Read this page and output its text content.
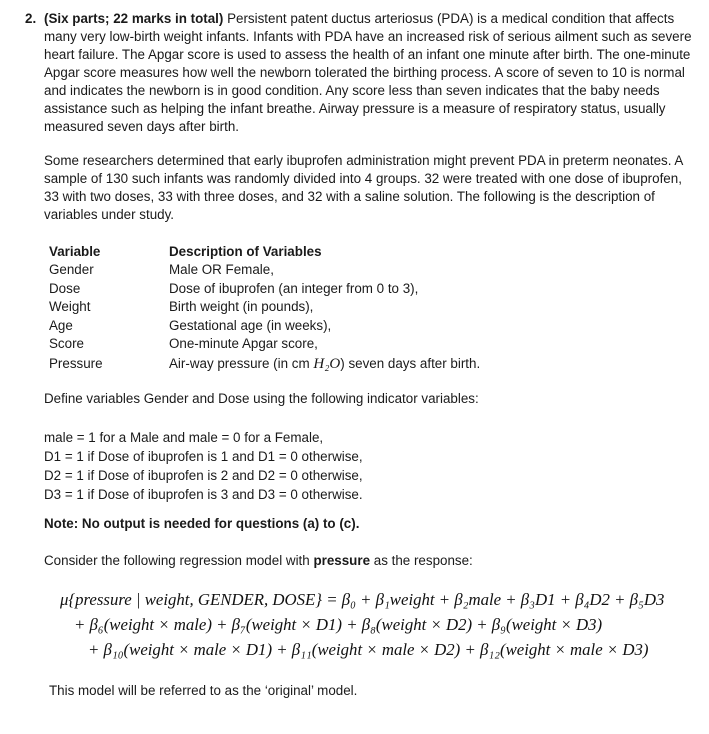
2. (Six parts; 22 marks in total) Persistent patent ductus arteriosus (PDA) is a medical condition that affects many very low-birth weight infants. Infants with PDA have an increased risk of serious ailment such as severe heart failure. The Apgar score is used to assess the health of an infant one minute after birth. The one-minute Apgar score measures how well the newborn tolerated the birthing process. A score of seven to 10 is normal and indicates the newborn is in good condition. Any score less than seven indicates that the baby needs assistance such as helping the infant breathe. Airway pressure is a measure of respiratory status, usually measured seven days after birth.
Some researchers determined that early ibuprofen administration might prevent PDA in preterm neonates. A sample of 130 such infants was randomly divided into 4 groups. 32 were treated with one dose of ibuprofen, 33 with two doses, 33 with three doses, and 32 with a saline solution. The following is the description of variables under study.
Variable	Description of Variables
Gender	Male OR Female,
Dose	Dose of ibuprofen (an integer from 0 to 3),
Weight	Birth weight (in pounds),
Age	Gestational age (in weeks),
Score	One-minute Apgar score,
Pressure	Air-way pressure (in cm H₂O) seven days after birth.
Define variables Gender and Dose using the following indicator variables:
male = 1 for a Male and male = 0 for a Female,
D1 = 1 if Dose of ibuprofen is 1 and D1 = 0 otherwise,
D2 = 1 if Dose of ibuprofen is 2 and D2 = 0 otherwise,
D3 = 1 if Dose of ibuprofen is 3 and D3 = 0 otherwise.
Note: No output is needed for questions (a) to (c).
Consider the following regression model with pressure as the response:
μ{pressure | weight, GENDER, DOSE} = β₀ + β₁weight + β₂male + β₃D1 + β₄D2 + β₅D3
+ β₆(weight × male) + β₇(weight × D1) + β₈(weight × D2) + β₉(weight × D3)
+ β₁₀(weight × male × D1) + β₁₁(weight × male × D2) + β₁₂(weight × male × D3)
This model will be referred to as the ‘original’ model.
